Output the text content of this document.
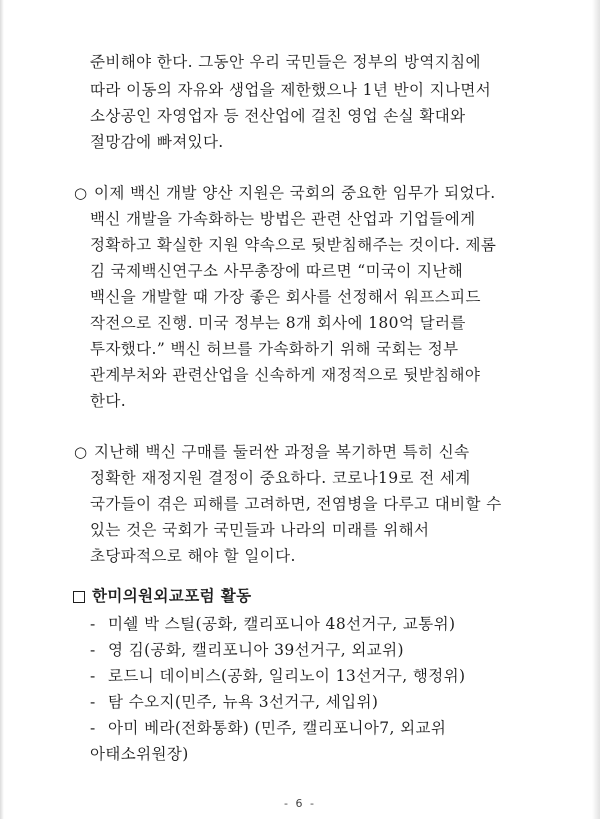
준비해야 한다. 그동안 우리 국민들은 정부의 방역지침에
따라 이동의 자유와 생업을 제한했으나 1년 반이 지나면서
소상공인 자영업자 등 전산업에 걸친 영업 손실 확대와
절망감에 빠져있다.
○ 이제 백신 개발 양산 지원은 국회의 중요한 임무가 되었다.
백신 개발을 가속화하는 방법은 관련 산업과 기업들에게
정확하고 확실한 지원 약속으로 뒷받침해주는 것이다. 제롬
김 국제백신연구소 사무총장에 따르면 “미국이 지난해
백신을 개발할 때 가장 좋은 회사를 선정해서 워프스피드
작전으로 진행. 미국 정부는 8개 회사에 180억 달러를
투자했다.” 백신 허브를 가속화하기 위해 국회는 정부
관계부처와 관련산업을 신속하게 재정적으로 뒷받침해야
한다.
○ 지난해 백신 구매를 둘러싼 과정을 복기하면 특히 신속
정확한 재정지원 결정이 중요하다. 코로나19로 전 세계
국가들이 겪은 피해를 고려하면, 전염병을 다루고 대비할 수
있는 것은 국회가 국민들과 나라의 미래를 위해서
초당파적으로 해야 할 일이다.
한미의원외교포럼 활동
- 미쉘 박 스틸(공화, 캘리포니아 48선거구, 교통위)
- 영 김(공화, 캘리포니아 39선거구, 외교위)
- 로드니 데이비스(공화, 일리노이 13선거구, 행정위)
- 탐 수오지(민주, 뉴욕 3선거구, 세입위)
- 아미 베라(전화통화) (민주, 캘리포니아7, 외교위
아태소위원장)
- 6 -
